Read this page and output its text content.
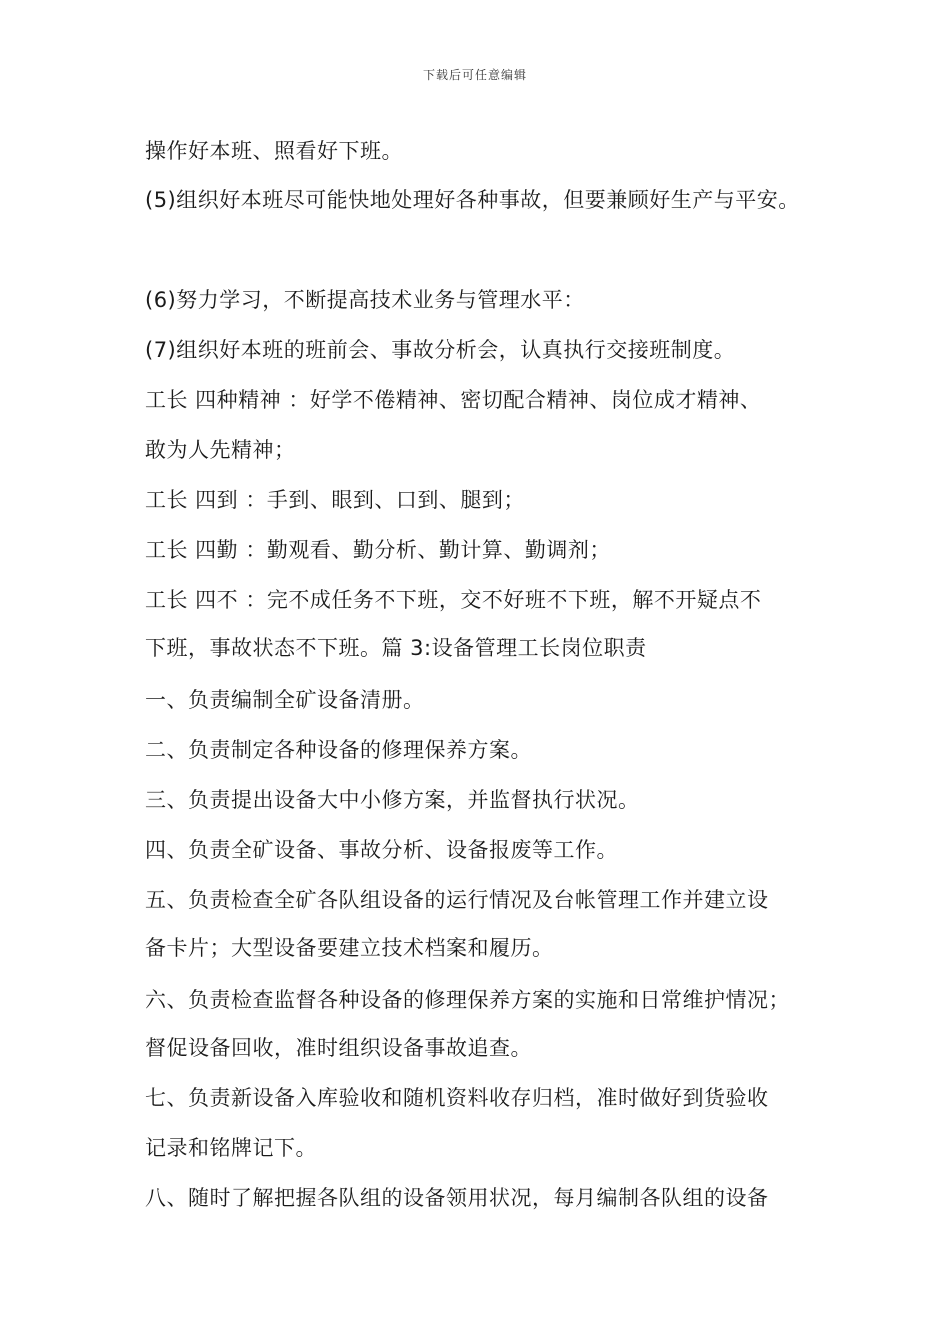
下载后可任意编辑
操作好本班、照看好下班。
(5)组织好本班尽可能快地处理好各种事故，但要兼顾好生产与平安。
(6)努力学习，不断提高技术业务与管理水平：
(7)组织好本班的班前会、事故分析会，认真执行交接班制度。
工长 四种精神 ：好学不倦精神、密切配合精神、岗位成才精神、
敢为人先精神；
工长 四到 ：手到、眼到、口到、腿到；
工长 四勤 ：勤观看、勤分析、勤计算、勤调剂；
工长 四不 ：完不成任务不下班，交不好班不下班，解不开疑点不
下班，事故状态不下班。篇 3:设备管理工长岗位职责
一、负责编制全矿设备清册。
二、负责制定各种设备的修理保养方案。
三、负责提出设备大中小修方案，并监督执行状况。
四、负责全矿设备、事故分析、设备报废等工作。
五、负责检查全矿各队组设备的运行情况及台帐管理工作并建立设
备卡片；大型设备要建立技术档案和履历。
六、负责检查监督各种设备的修理保养方案的实施和日常维护情况；
督促设备回收，准时组织设备事故追查。
七、负责新设备入库验收和随机资料收存归档，准时做好到货验收
记录和铭牌记下。
八、随时了解把握各队组的设备领用状况，每月编制各队组的设备
